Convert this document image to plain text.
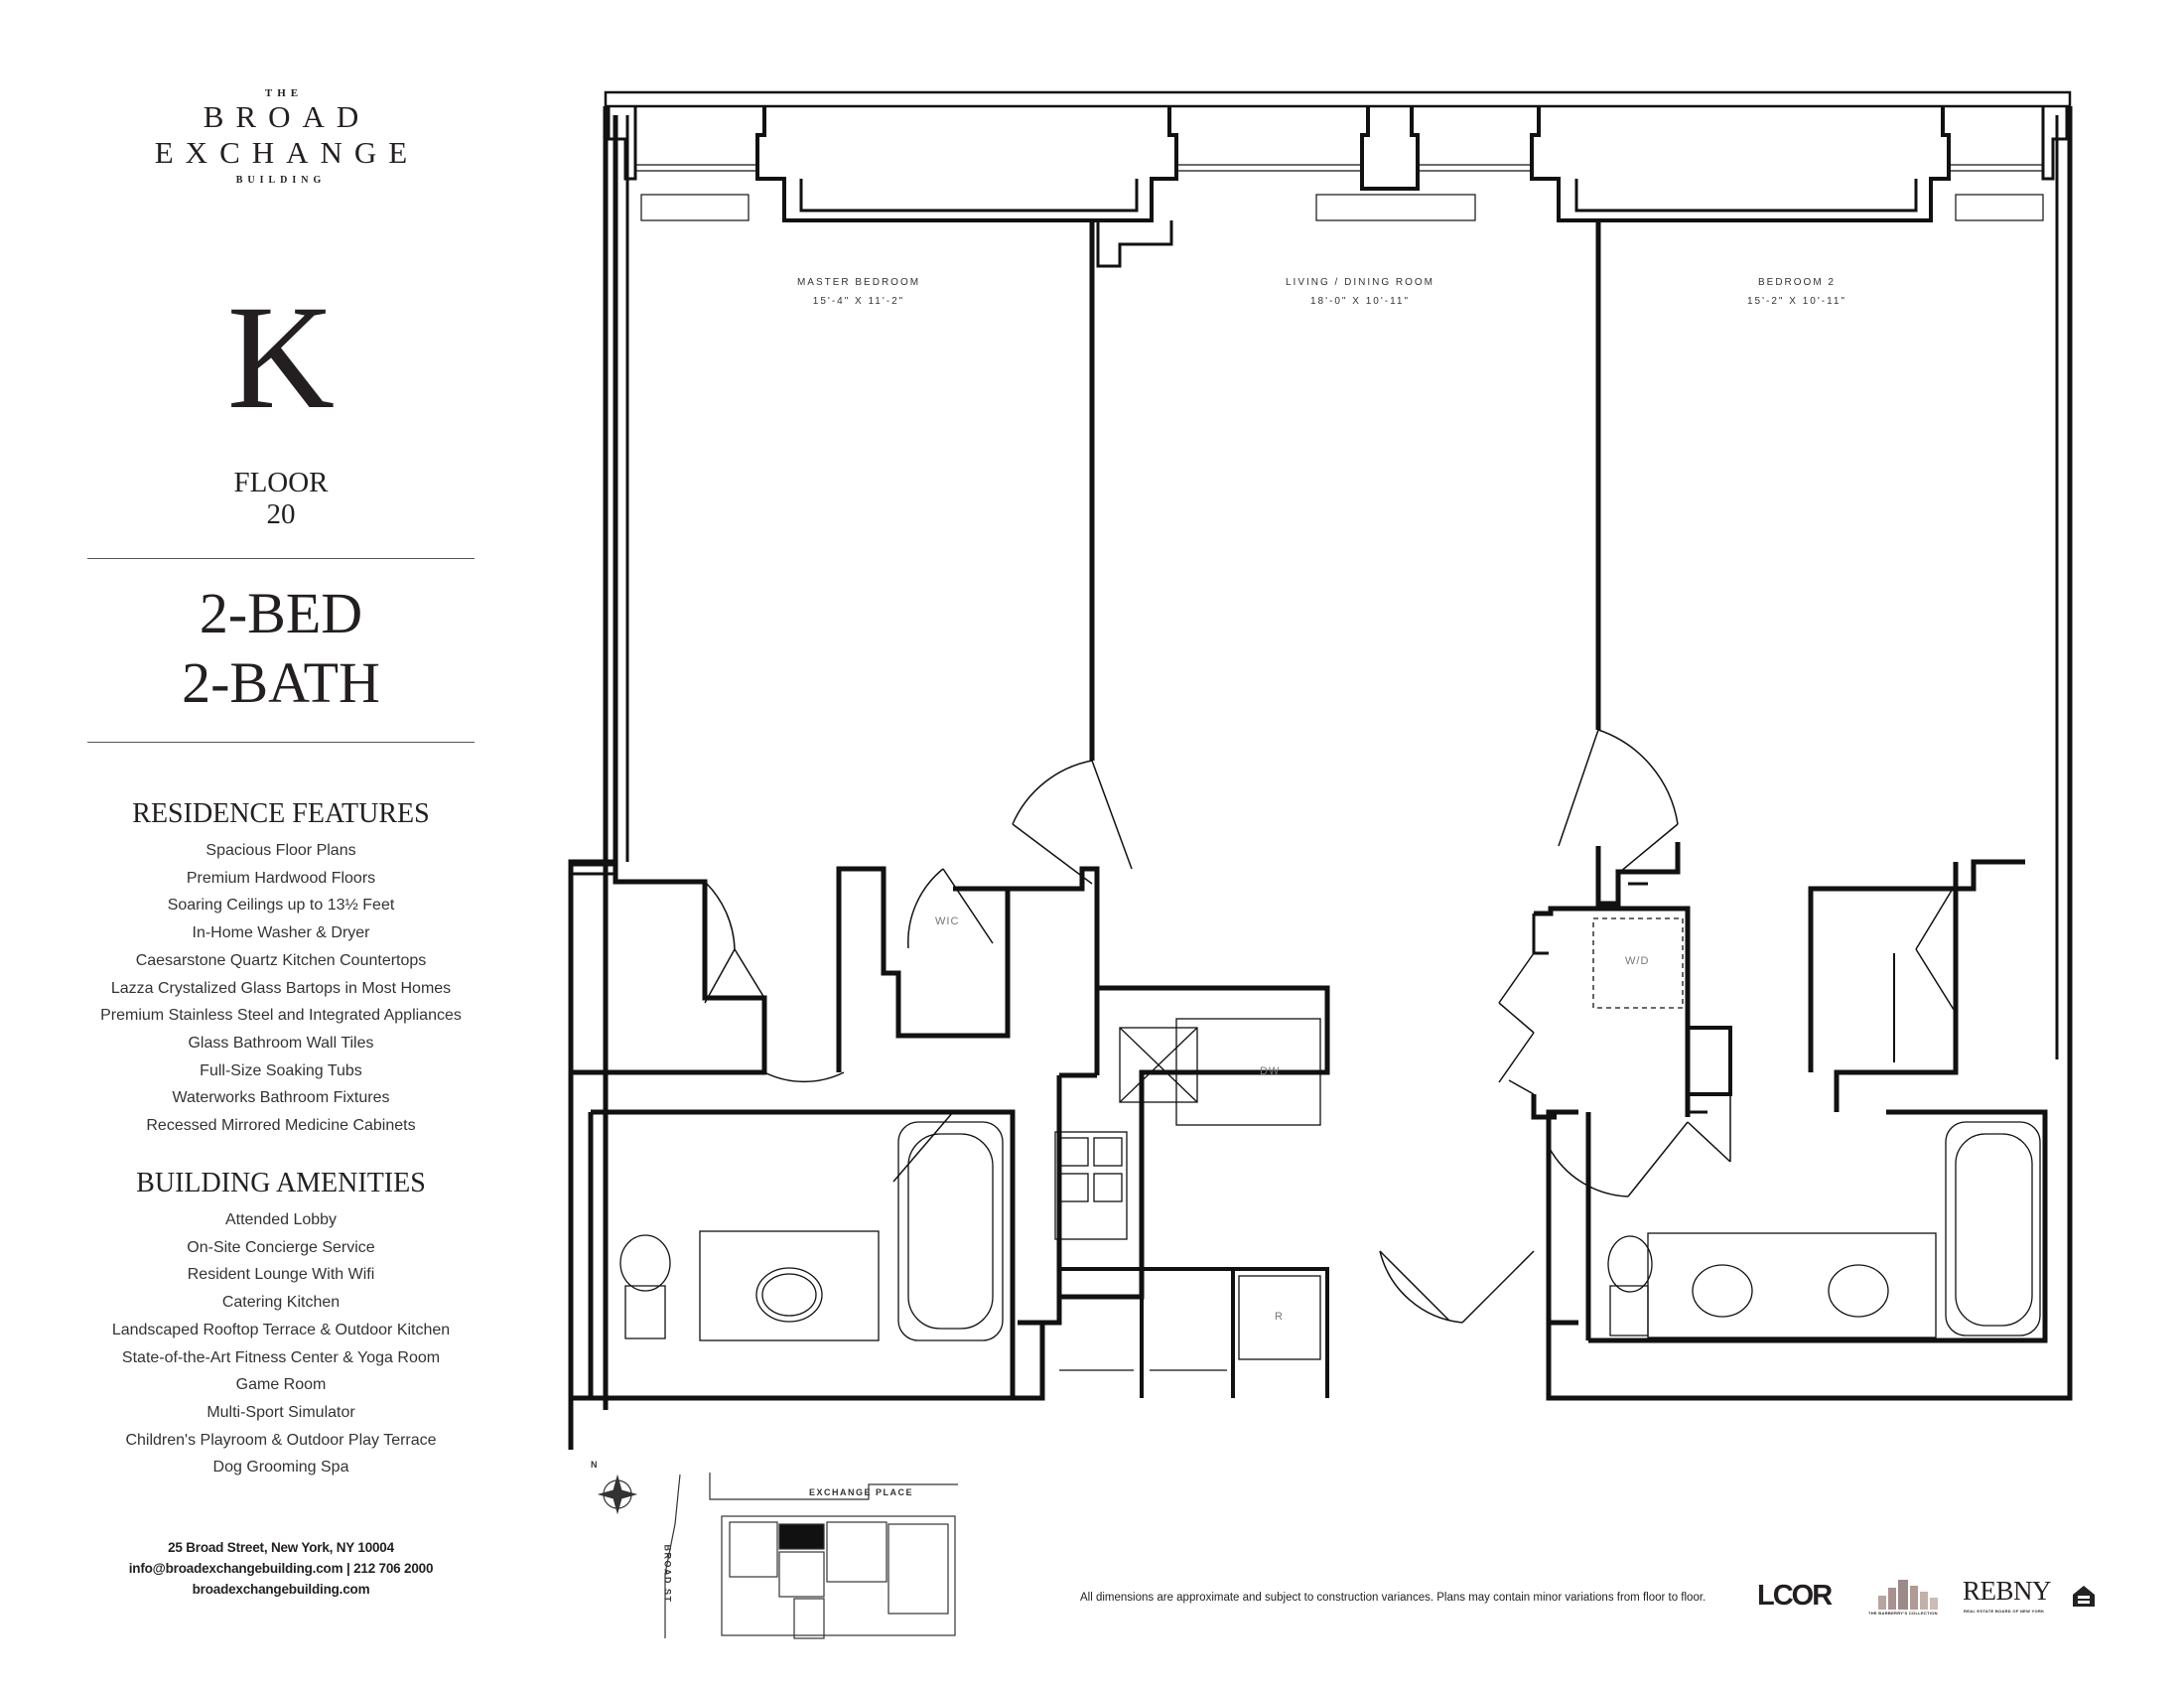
THE
BROAD
EXCHANGE
BUILDING
K
FLOOR
20
2-BED
2-BATH
RESIDENCE FEATURES
Spacious Floor Plans
Premium Hardwood Floors
Soaring Ceilings up to 13½ Feet
In-Home Washer & Dryer
Caesarstone Quartz Kitchen Countertops
Lazza Crystalized Glass Bartops in Most Homes
Premium Stainless Steel and Integrated Appliances
Glass Bathroom Wall Tiles
Full-Size Soaking Tubs
Waterworks Bathroom Fixtures
Recessed Mirrored Medicine Cabinets
BUILDING AMENITIES
Attended Lobby
On-Site Concierge Service
Resident Lounge With Wifi
Catering Kitchen
Landscaped Rooftop Terrace & Outdoor Kitchen
State-of-the-Art Fitness Center & Yoga Room
Game Room
Multi-Sport Simulator
Children's Playroom & Outdoor Play Terrace
Dog Grooming Spa
25 Broad Street, New York, NY 10004
info@broadexchangebuilding.com | 212 706 2000
broadexchangebuilding.com
MASTER BEDROOM
15'-4" X 11'-2"
LIVING / DINING ROOM
18'-0" X 10'-11"
BEDROOM 2
15'-2" X 10'-11"
WIC
DW
W/D
R
N
EXCHANGE PLACE
BROAD ST	All dimensions are approximate and subject to construction variances. Plans may contain minor variations from floor to floor. LCOR
THE BARBERRY'S COLLECTION
REBNY
REAL ESTATE BOARD OF NEW YORK
